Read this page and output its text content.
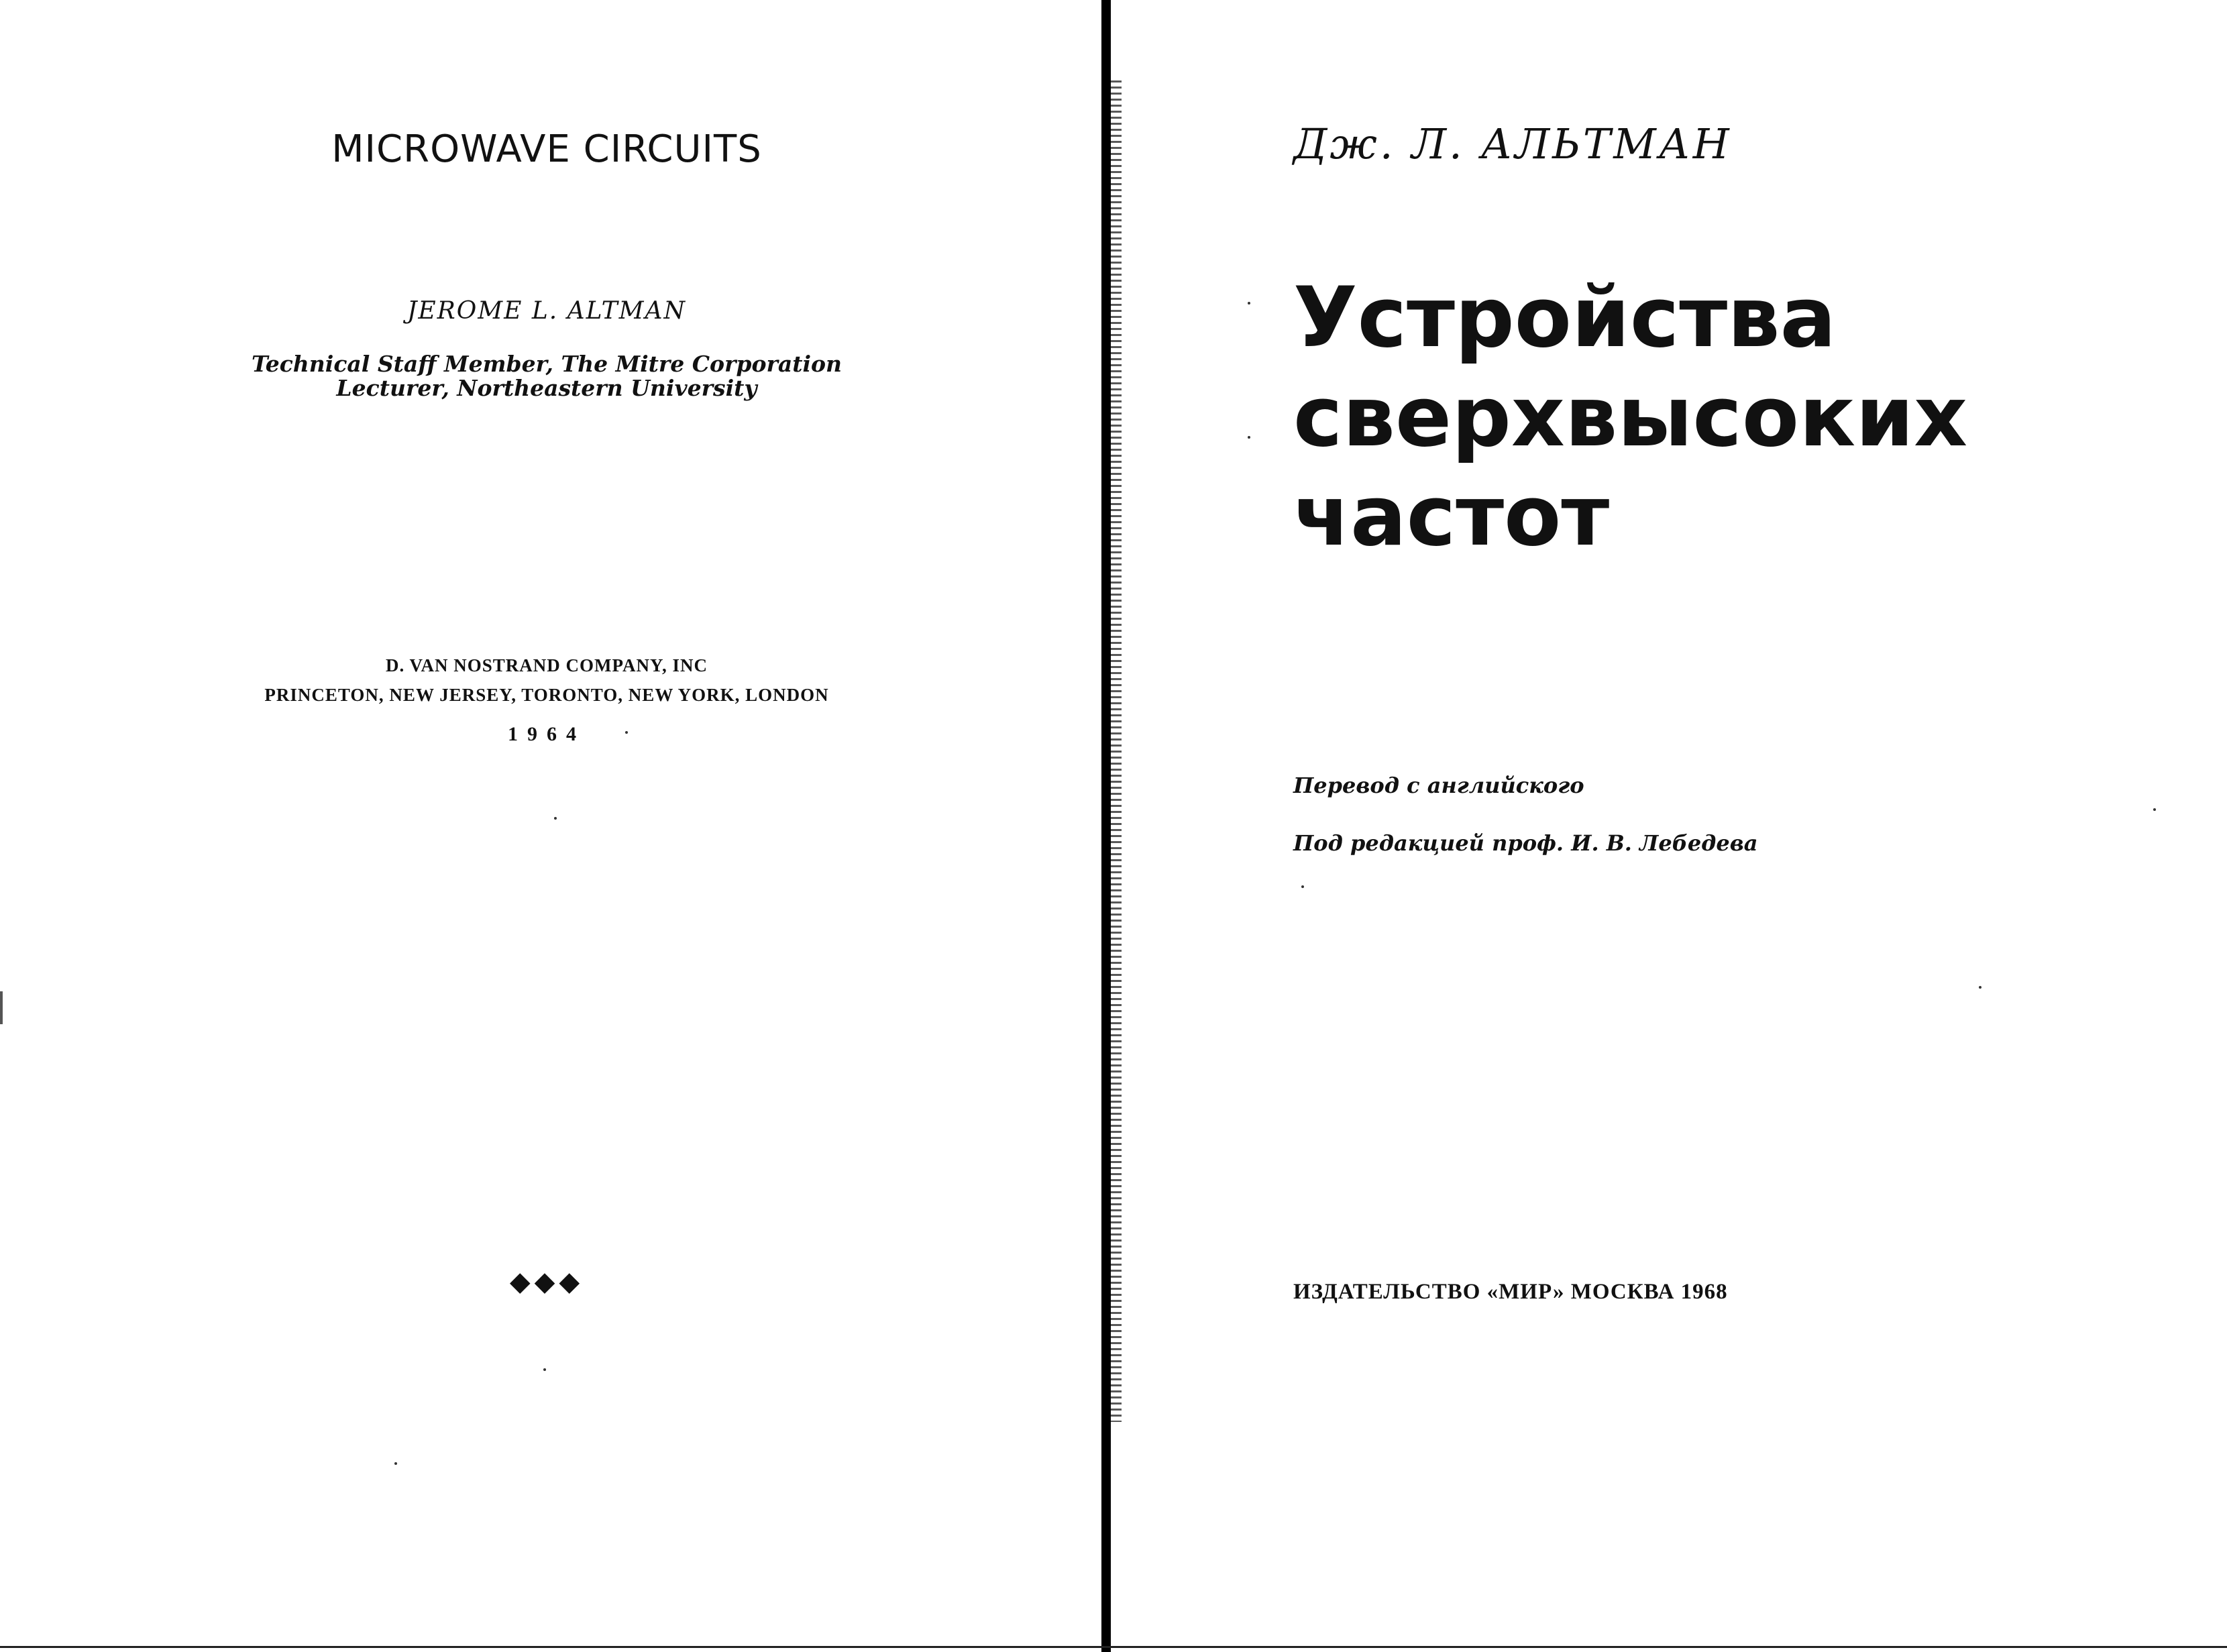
MICROWAVE CIRCUITS
JEROME L. ALTMAN
Technical Staff Member, The Mitre Corporation
Lecturer, Northeastern University
D. VAN NOSTRAND COMPANY, INC
PRINCETON, NEW JERSEY, TORONTO, NEW YORK, LONDON
1964
◆◆◆
Дж. Л. АЛЬТМАН
Устройства
сверхвысоких
частот
Перевод с английского
Под редакцией проф. И. В. Лебедева
ИЗДАТЕЛЬСТВО «МИР» МОСКВА 1968
